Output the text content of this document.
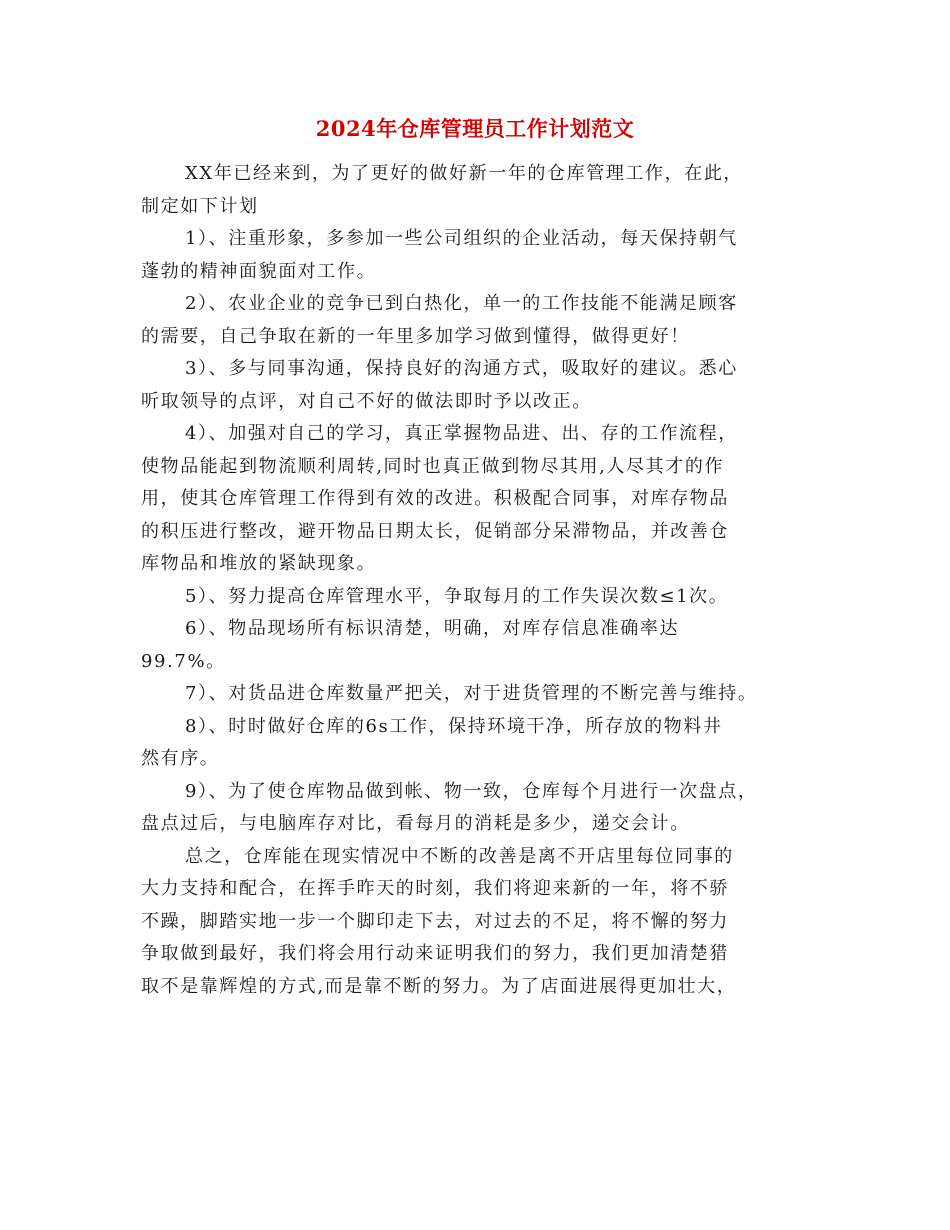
2024年仓库管理员工作计划范文
XX年已经来到，为了更好的做好新一年的仓库管理工作，在此，
制定如下计划
1）、注重形象，多参加一些公司组织的企业活动，每天保持朝气
蓬勃的精神面貌面对工作。
2）、农业企业的竞争已到白热化，单一的工作技能不能满足顾客
的需要，自己争取在新的一年里多加学习做到懂得，做得更好！
3）、多与同事沟通，保持良好的沟通方式，吸取好的建议。悉心
听取领导的点评，对自己不好的做法即时予以改正。
4）、加强对自己的学习，真正掌握物品进、出、存的工作流程，
使物品能起到物流顺利周转,同时也真正做到物尽其用,人尽其才的作
用，使其仓库管理工作得到有效的改进。积极配合同事，对库存物品
的积压进行整改，避开物品日期太长，促销部分呆滞物品，并改善仓
库物品和堆放的紧缺现象。
5）、努力提高仓库管理水平，争取每月的工作失误次数≤1次。
6）、物品现场所有标识清楚，明确，对库存信息准确率达
99.7%。
7）、对货品进仓库数量严把关，对于进货管理的不断完善与维持。
8）、时时做好仓库的6s工作，保持环境干净，所存放的物料井
然有序。
9）、为了使仓库物品做到帐、物一致，仓库每个月进行一次盘点，
盘点过后，与电脑库存对比，看每月的消耗是多少，递交会计。
总之，仓库能在现实情况中不断的改善是离不开店里每位同事的
大力支持和配合，在挥手昨天的时刻，我们将迎来新的一年，将不骄
不躁，脚踏实地一步一个脚印走下去，对过去的不足，将不懈的努力
争取做到最好，我们将会用行动来证明我们的努力，我们更加清楚猎
取不是靠辉煌的方式,而是靠不断的努力。为了店面进展得更加壮大，
